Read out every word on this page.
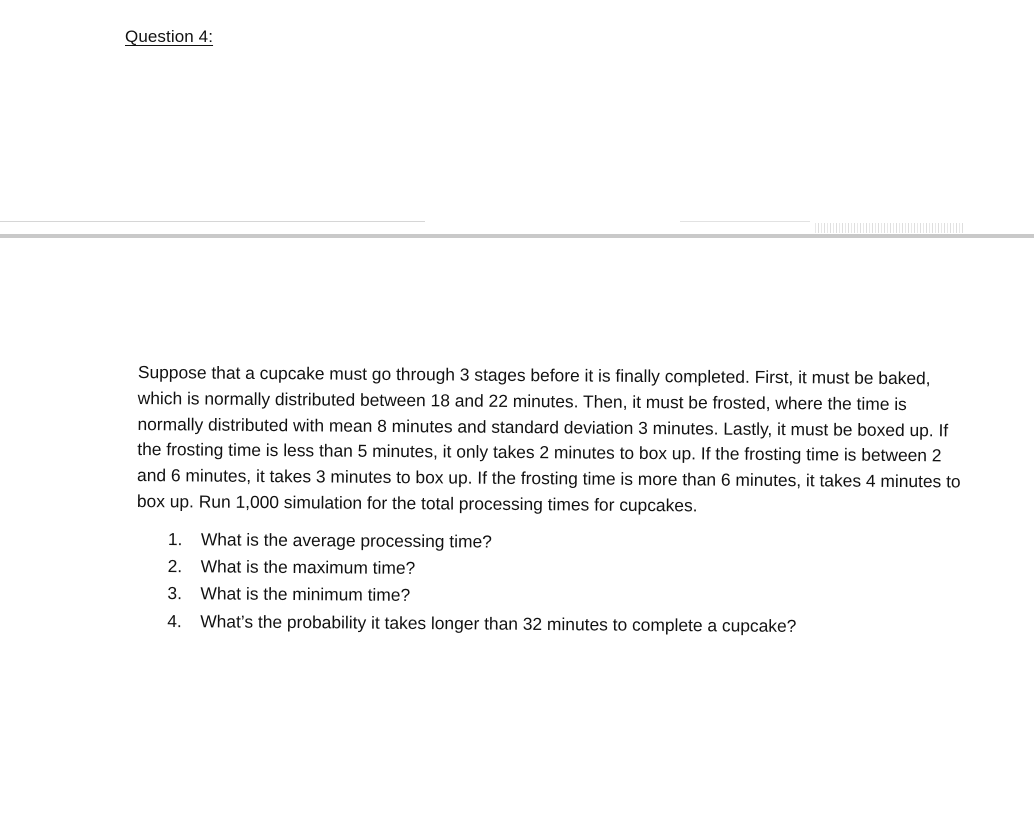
Question 4:

Suppose that a cupcake must go through 3 stages before it is finally completed. First, it must be baked, which is normally distributed between 18 and 22 minutes. Then, it must be frosted, where the time is normally distributed with mean 8 minutes and standard deviation 3 minutes. Lastly, it must be boxed up. If the frosting time is less than 5 minutes, it only takes 2 minutes to box up. If the frosting time is between 2 and 6 minutes, it takes 3 minutes to box up. If the frosting time is more than 6 minutes, it takes 4 minutes to box up. Run 1,000 simulation for the total processing times for cupcakes.

1.	What is the average processing time?
2.	What is the maximum time?
3.	What is the minimum time?
4.	What’s the probability it takes longer than 32 minutes to complete a cupcake?
